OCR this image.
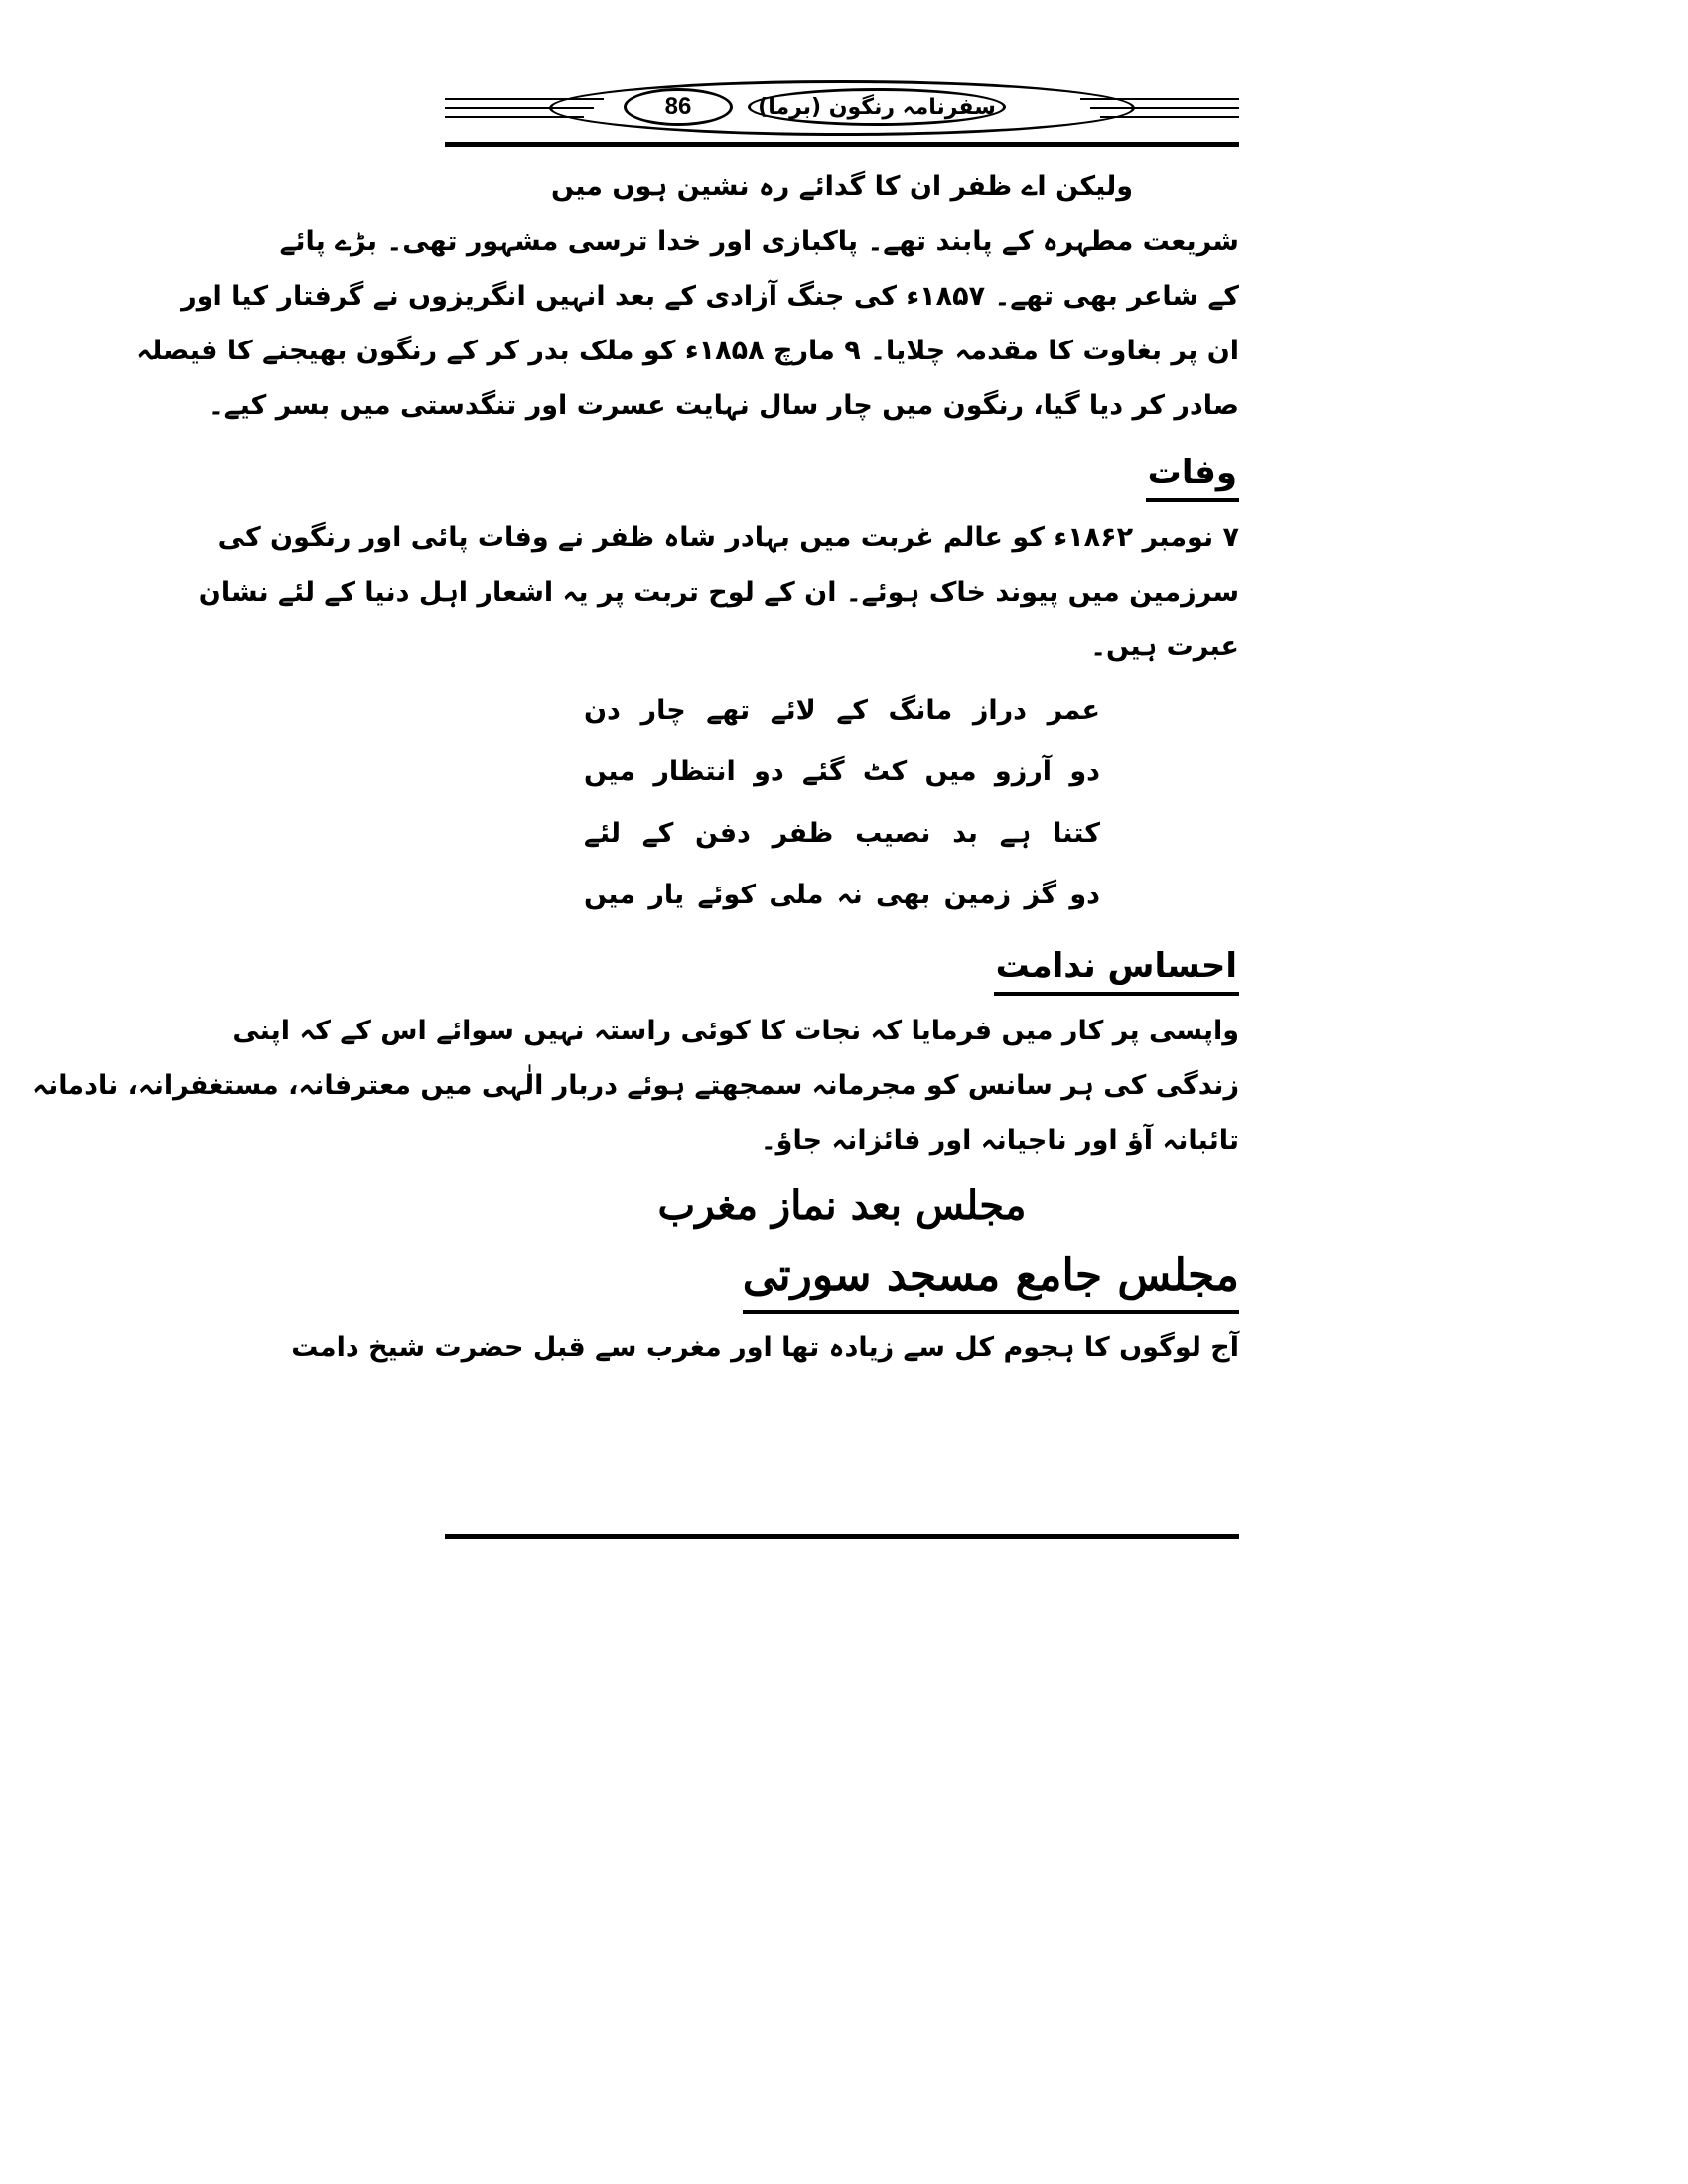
86	سفرنامہ رنگون (برما)

ولیکن اے ظفر ان کا گدائے رہ نشین ہوں میں

شریعت مطہرہ کے پابند تھے۔ پاکبازی اور خدا ترسی مشہور تھی۔ بڑے پائے
کے شاعر بھی تھے۔ ۱۸۵۷ء کی جنگ آزادی کے بعد انہیں انگریزوں نے گرفتار کیا اور
ان پر بغاوت کا مقدمہ چلایا۔ ۹ مارچ ۱۸۵۸ء کو ملک بدر کر کے رنگون بھیجنے کا فیصلہ
صادر کر دیا گیا، رنگون میں چار سال نہایت عسرت اور تنگدستی میں بسر کیے۔
وفات
۷ نومبر ۱۸۶۲ء کو عالم غربت میں بہادر شاہ ظفر نے وفات پائی اور رنگون کی
سرزمین میں پیوند خاک ہوئے۔ ان کے لوح تربت پر یہ اشعار اہل دنیا کے لئے نشان
عبرت ہیں۔
عمر دراز مانگ کے لائے تھے چار دن
دو آرزو میں کٹ گئے دو انتظار میں
کتنا ہے بد نصیب ظفر دفن کے لئے
دو گز زمین بھی نہ ملی کوئے یار میں
احساس ندامت
واپسی پر کار میں فرمایا کہ نجات کا کوئی راستہ نہیں سوائے اس کے کہ اپنی
زندگی کی ہر سانس کو مجرمانہ سمجھتے ہوئے دربار الٰہی میں معترفانہ، مستغفرانہ، نادمانہ
تائبانہ آؤ اور ناجیانہ اور فائزانہ جاؤ۔
مجلس بعد نماز مغرب
مجلس جامع مسجد سورتی
آج لوگوں کا ہجوم کل سے زیادہ تھا اور مغرب سے قبل حضرت شیخ دامت
